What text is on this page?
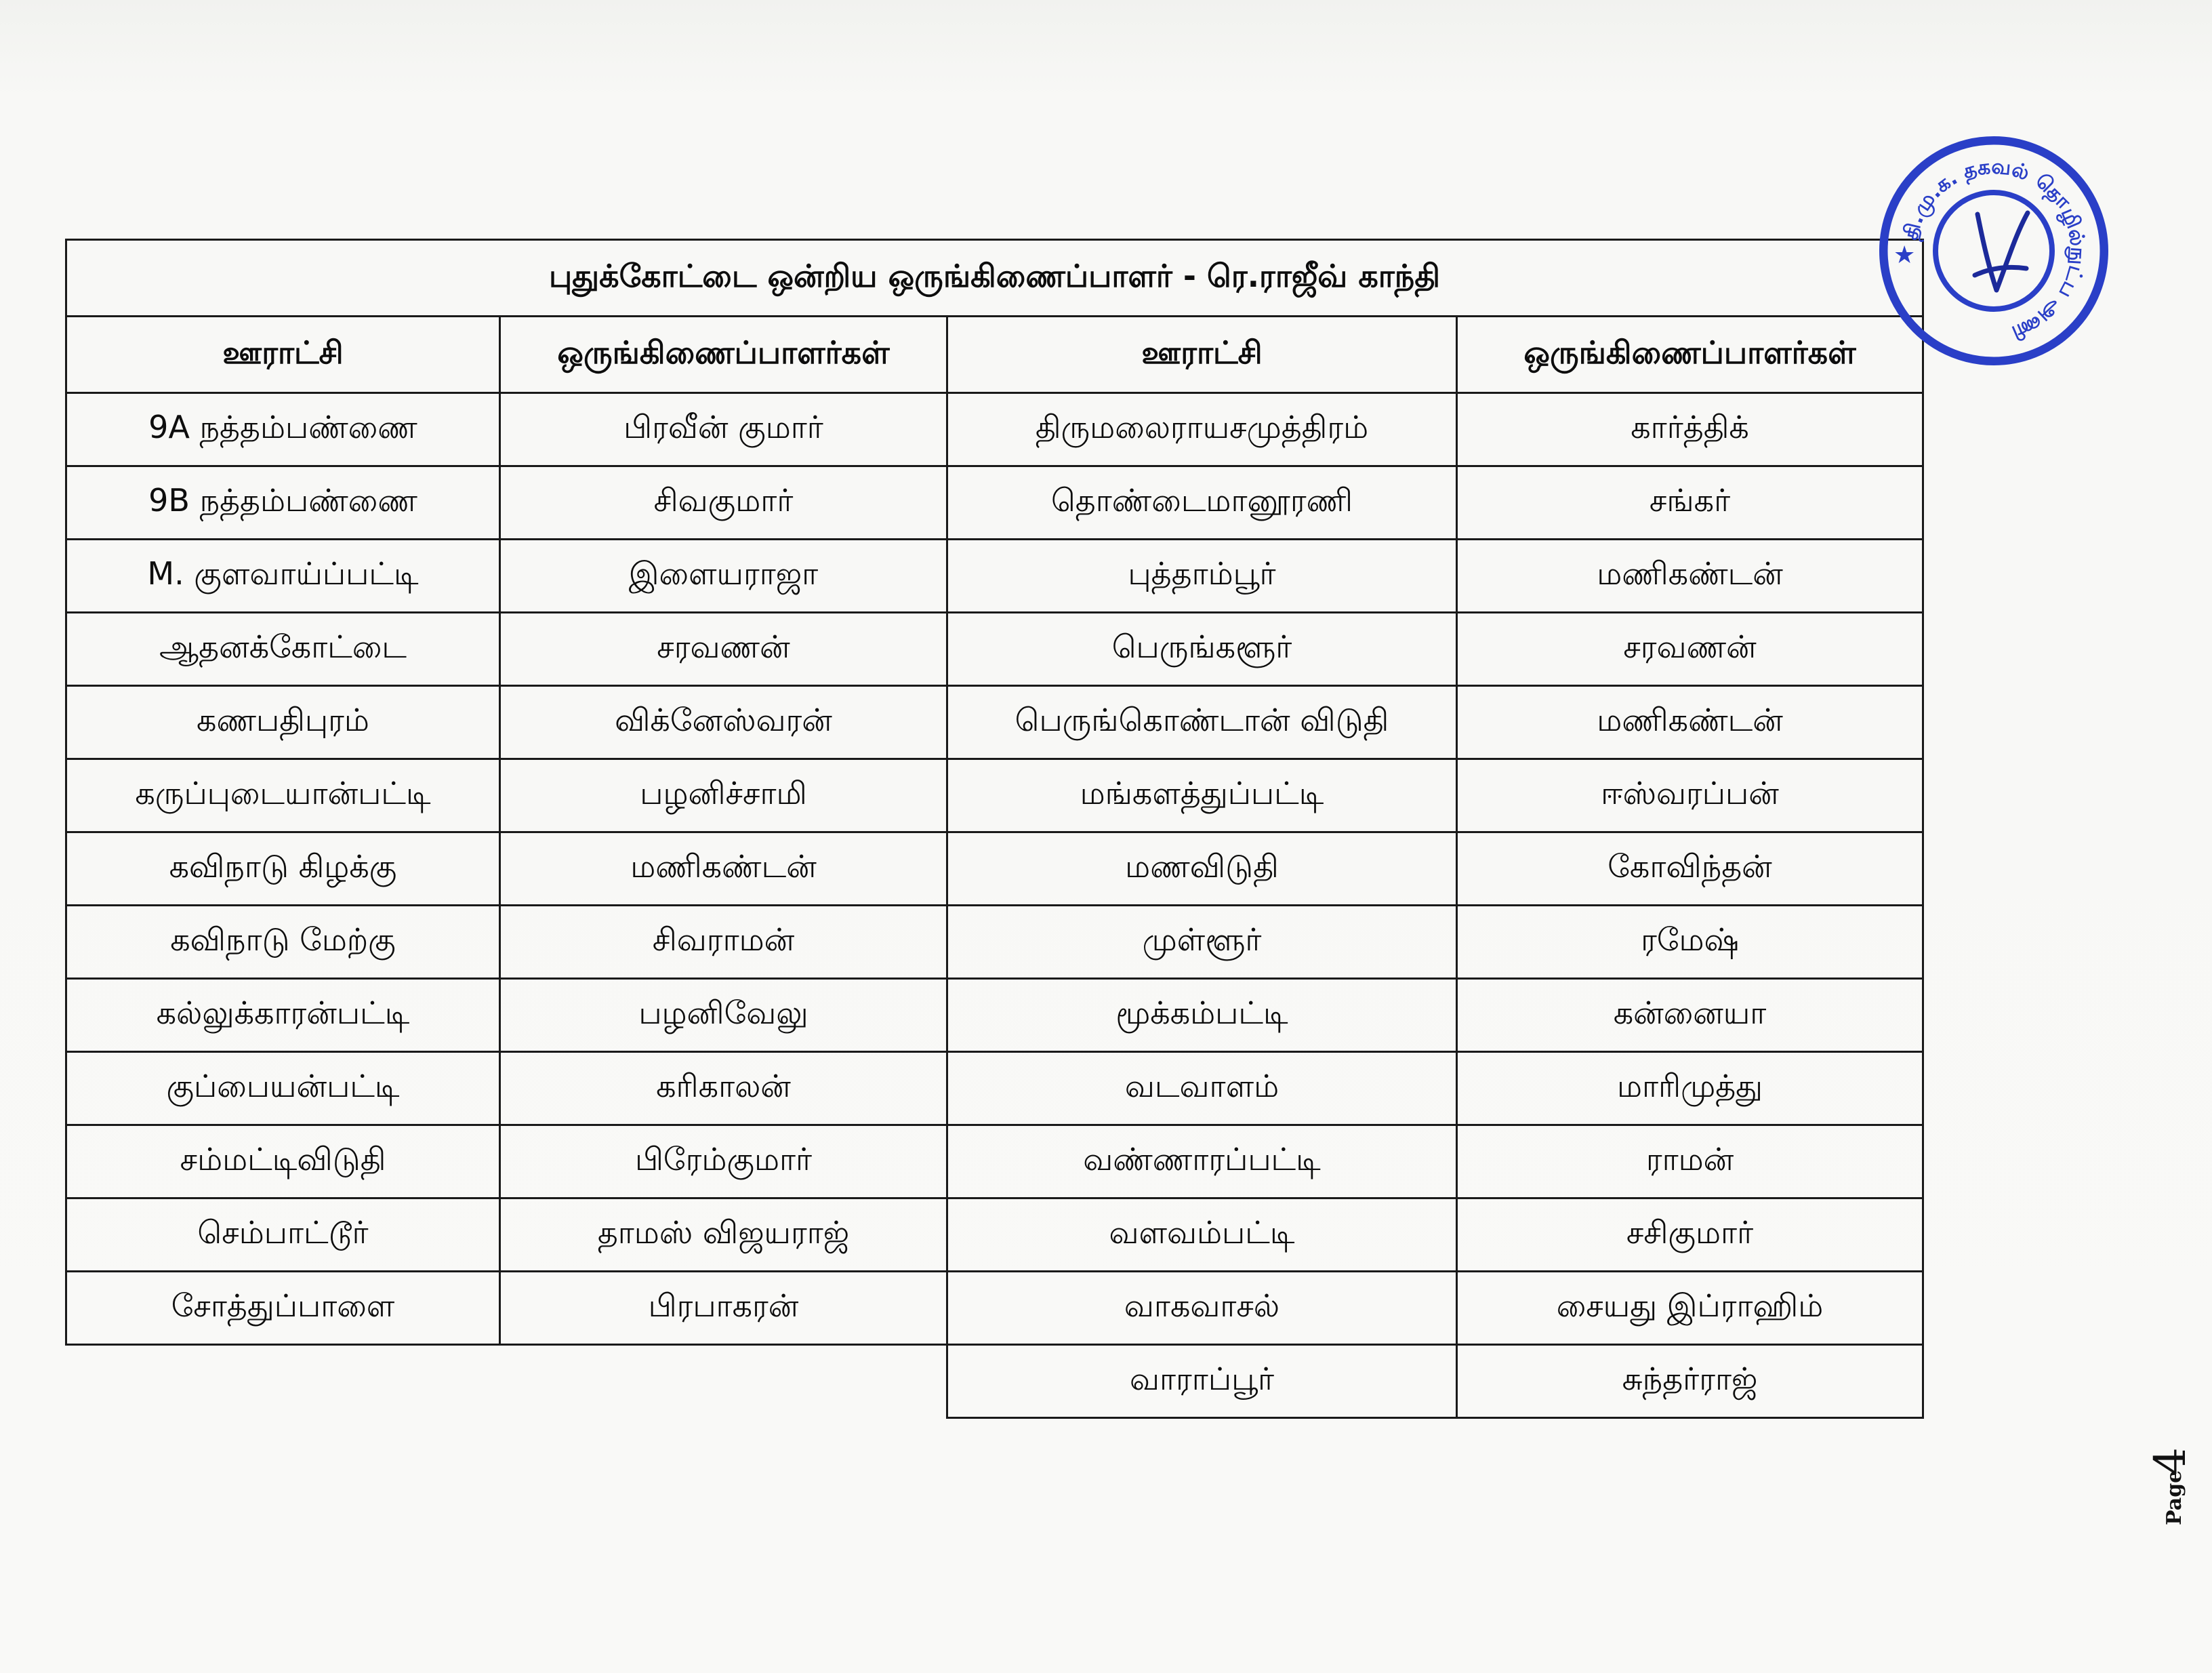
புதுக்கோட்டை ஒன்றிய ஒருங்கிணைப்பாளர் - ரெ.ராஜீவ் காந்தி			
ஊராட்சி	ஒருங்கிணைப்பாளர்கள்	ஊராட்சி	ஒருங்கிணைப்பாளர்கள்
9A நத்தம்பண்ணை	பிரவீன் குமார்	திருமலைராயசமுத்திரம்	கார்த்திக்
9B நத்தம்பண்ணை	சிவகுமார்	தொண்டைமானூரணி	சங்கர்
M. குளவாய்ப்பட்டி	இளையராஜா	புத்தாம்பூர்	மணிகண்டன்
ஆதனக்கோட்டை	சரவணன்	பெருங்களூர்	சரவணன்
கணபதிபுரம்	விக்னேஸ்வரன்	பெருங்கொண்டான் விடுதி	மணிகண்டன்
கருப்புடையான்பட்டி	பழனிச்சாமி	மங்களத்துப்பட்டி	ஈஸ்வரப்பன்
கவிநாடு கிழக்கு	மணிகண்டன்	மணவிடுதி	கோவிந்தன்
கவிநாடு மேற்கு	சிவராமன்	முள்ளூர்	ரமேஷ்
கல்லுக்காரன்பட்டி	பழனிவேலு	மூக்கம்பட்டி	கன்னையா
குப்பையன்பட்டி	கரிகாலன்	வடவாளம்	மாரிமுத்து
சம்மட்டிவிடுதி	பிரேம்குமார்	வண்ணாரப்பட்டி	ராமன்
செம்பாட்டூர்	தாமஸ் விஜயராஜ்	வளவம்பட்டி	சசிகுமார்
சோத்துப்பாளை	பிரபாகரன்	வாகவாசல்	சையது இப்ராஹிம்
		வாராப்பூர்	சுந்தர்ராஜ்
தி.மு.க. தகவல் தொழில்நுட்ப அணி
★
Page
4
